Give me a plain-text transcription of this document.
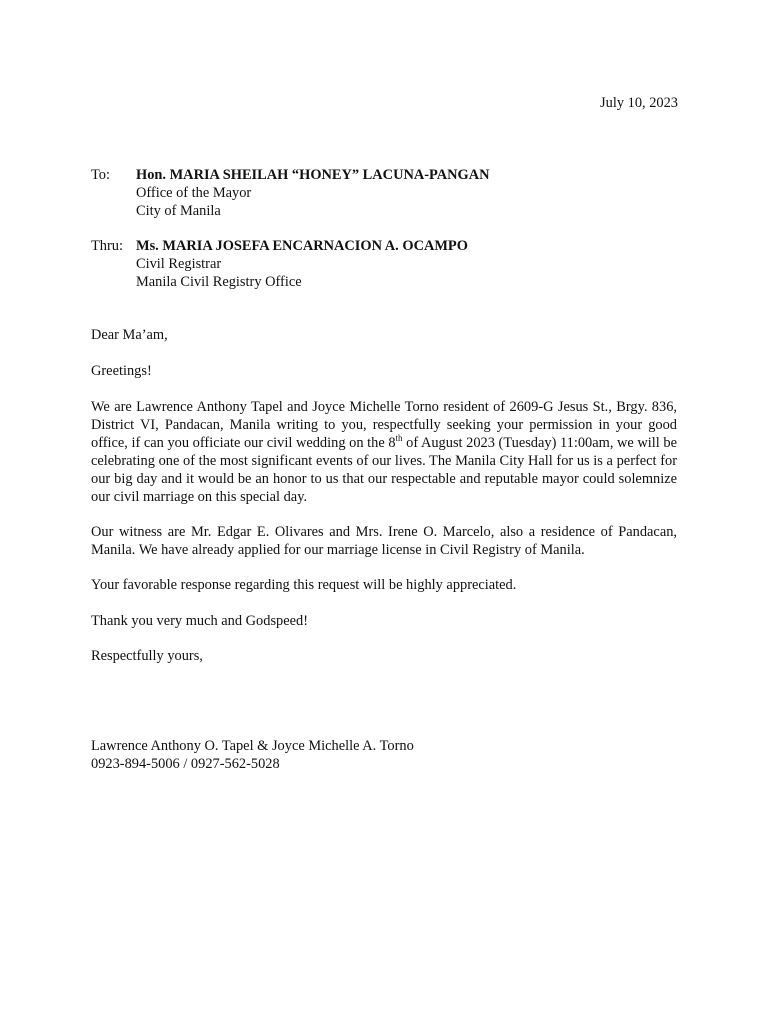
July 10, 2023
To: Hon. MARIA SHEILAH “HONEY” LACUNA-PANGAN
Office of the Mayor
City of Manila
Thru: Ms. MARIA JOSEFA ENCARNACION A. OCAMPO
Civil Registrar
Manila Civil Registry Office

Dear Ma’am,

Greetings!

We are Lawrence Anthony Tapel and Joyce Michelle Torno resident of 2609-G Jesus St., Brgy. 836, District VI, Pandacan, Manila writing to you, respectfully seeking your permission in your good office, if can you officiate our civil wedding on the 8th of August 2023 (Tuesday) 11:00am, we will be celebrating one of the most significant events of our lives. The Manila City Hall for us is a perfect for our big day and it would be an honor to us that our respectable and reputable mayor could solemnize our civil marriage on this special day.

Our witness are Mr. Edgar E. Olivares and Mrs. Irene O. Marcelo, also a residence of Pandacan, Manila. We have already applied for our marriage license in Civil Registry of Manila.

Your favorable response regarding this request will be highly appreciated.

Thank you very much and Godspeed!

Respectfully yours,

Lawrence Anthony O. Tapel & Joyce Michelle A. Torno
0923-894-5006 / 0927-562-5028
